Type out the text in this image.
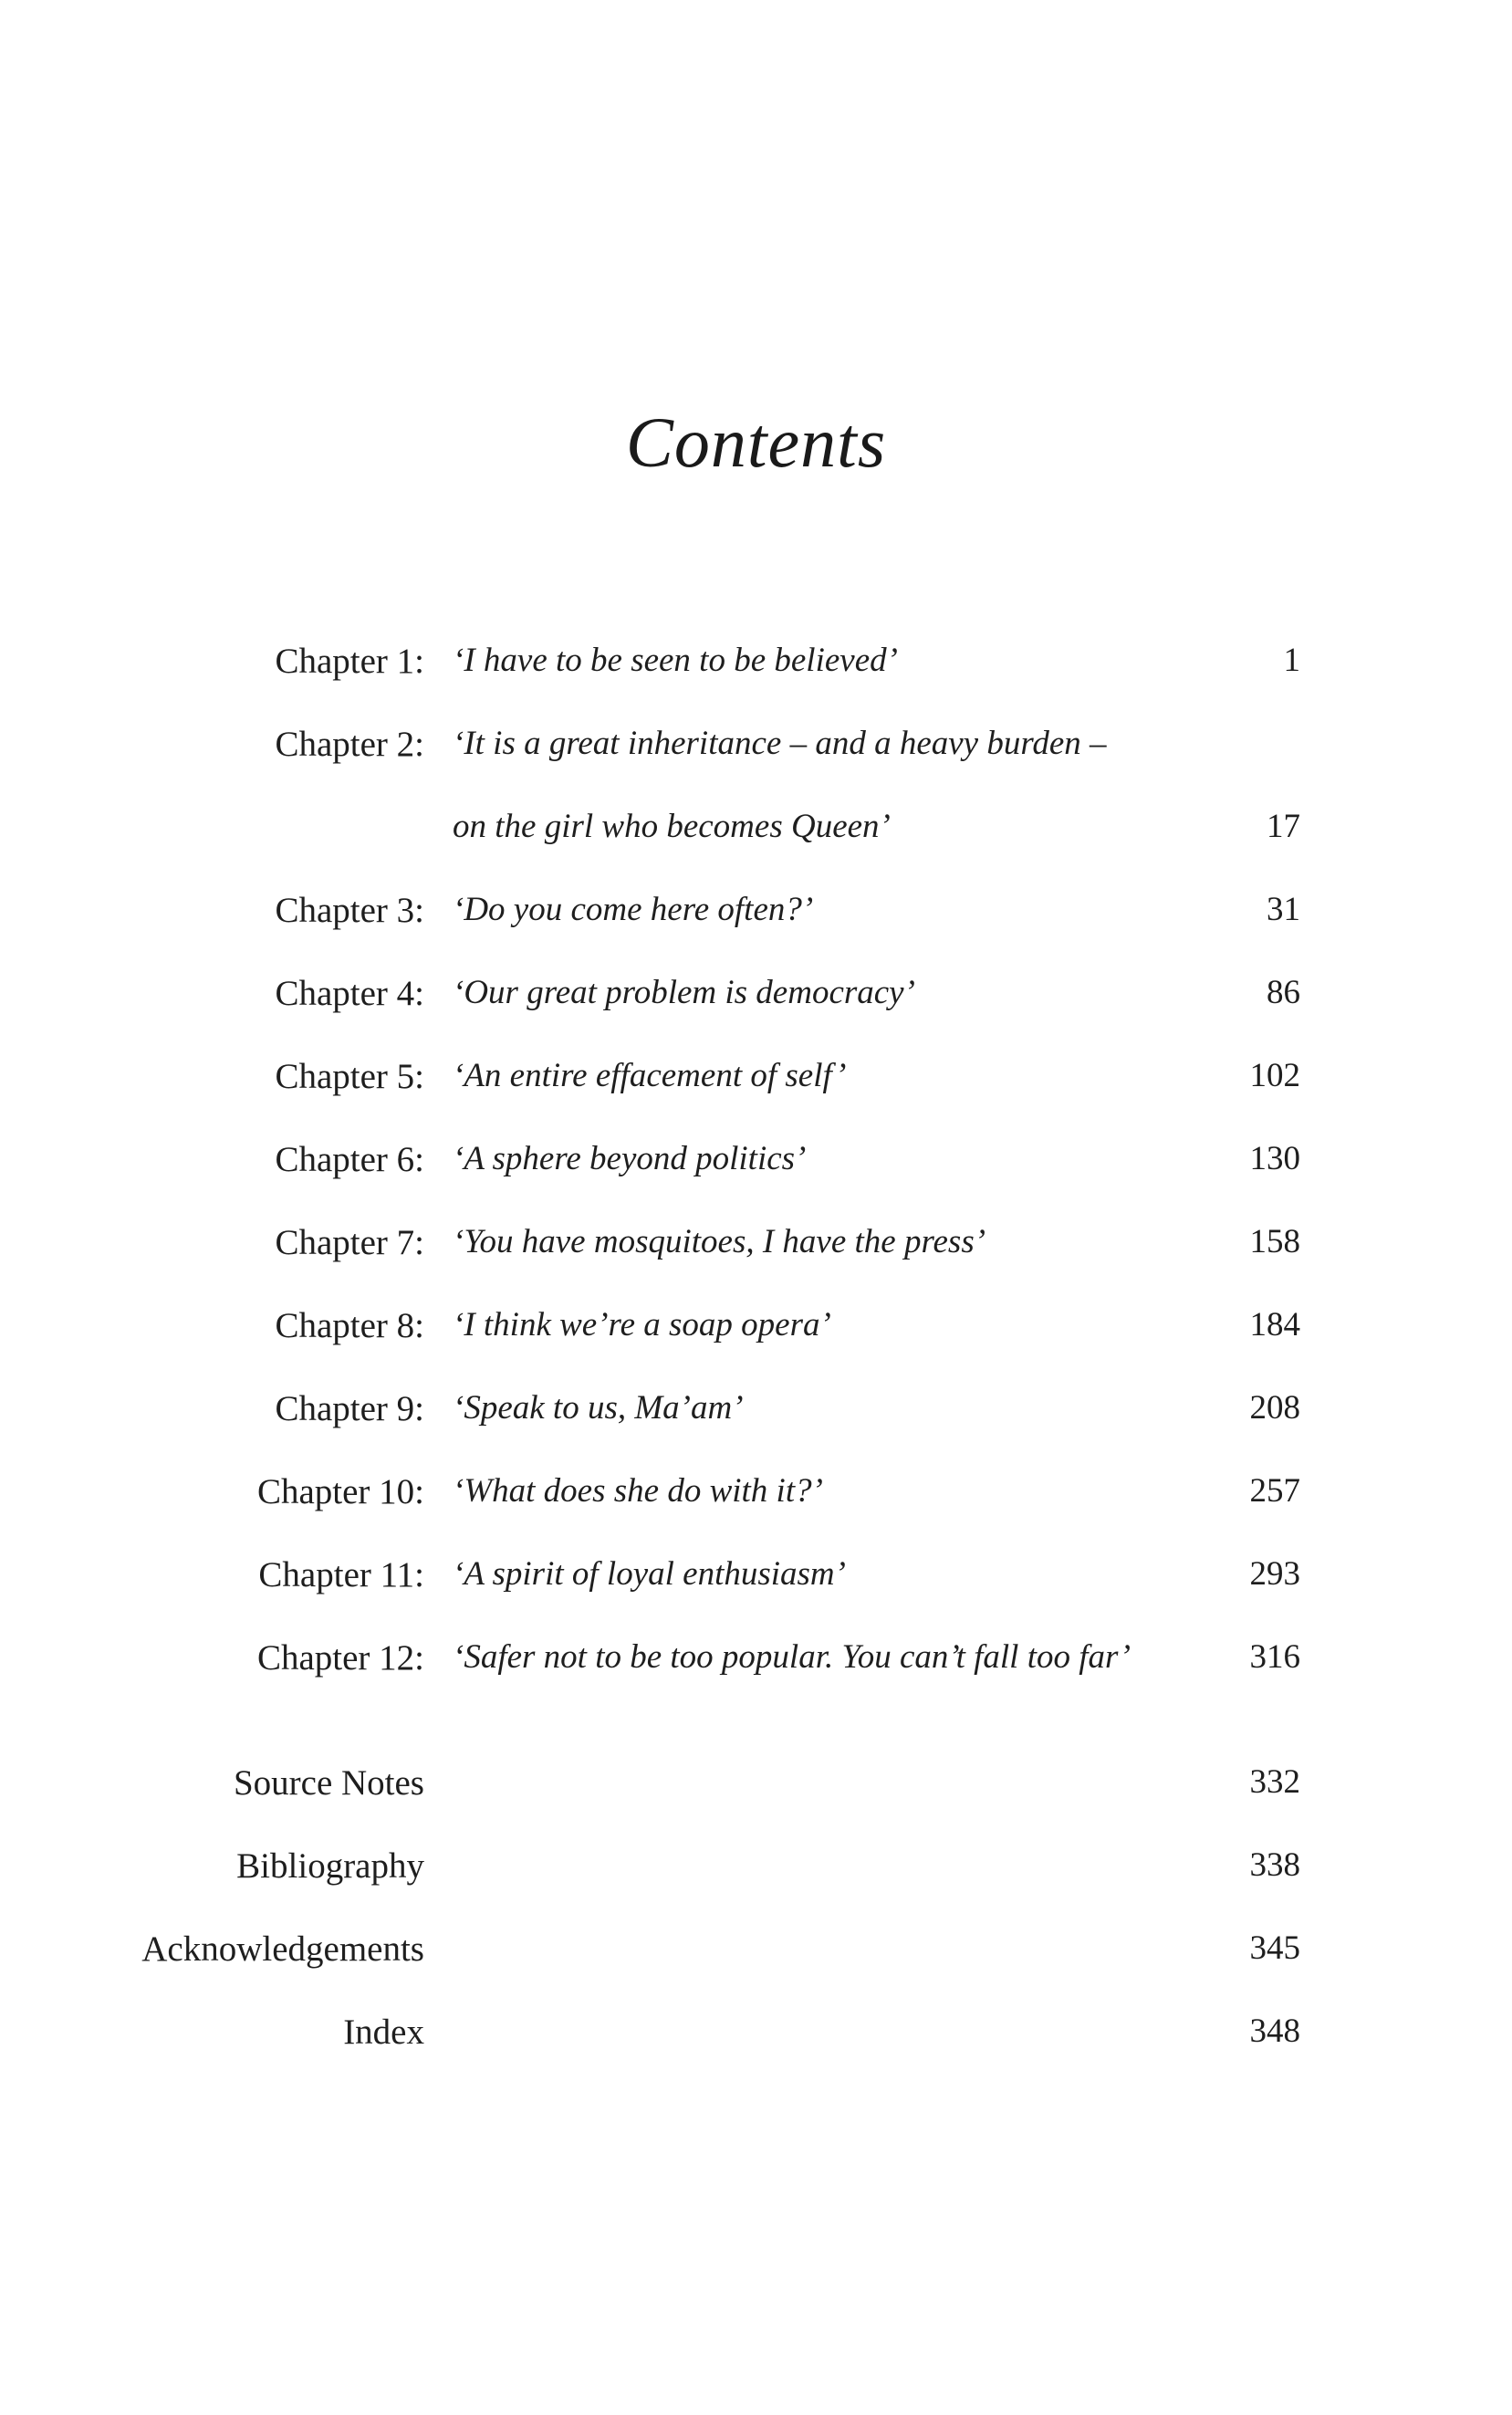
Contents
Chapter 1: ‘I have to be seen to be believed’	1
Chapter 2: ‘It is a great inheritance – and a heavy burden –
on the girl who becomes Queen’	17
Chapter 3: ‘Do you come here often?’	31
Chapter 4: ‘Our great problem is democracy’	86
Chapter 5: ‘An entire effacement of self’	102
Chapter 6: ‘A sphere beyond politics’	130
Chapter 7: ‘You have mosquitoes, I have the press’	158
Chapter 8: ‘I think we’re a soap opera’	184
Chapter 9: ‘Speak to us, Ma’am’	208
Chapter 10: ‘What does she do with it?’	257
Chapter 11: ‘A spirit of loyal enthusiasm’	293
Chapter 12: ‘Safer not to be too popular. You can’t fall too far’	316
Source Notes	332
Bibliography	338
Acknowledgements	345
Index	348
